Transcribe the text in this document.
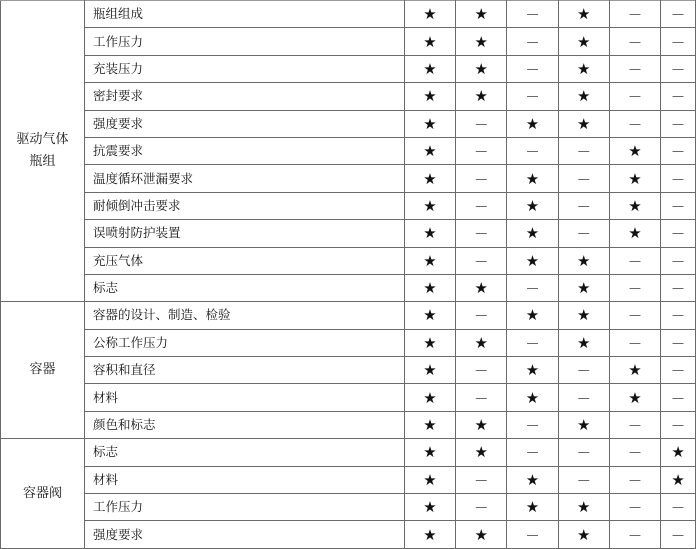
驱动气体
瓶组	瓶组组成	★	★	—	★	—	—
	工作压力	★	★	—	★	—	—
	充装压力	★	★	—	★	—	—
	密封要求	★	★	—	★	—	—
	强度要求	★	—	★	★	—	—
	抗震要求	★	—	—	—	★	—
	温度循环泄漏要求	★	—	★	—	★	—
	耐倾倒冲击要求	★	—	★	—	★	—
	误喷射防护装置	★	—	★	—	★	—
	充压气体	★	—	★	★	—	—
	标志	★	★	—	★	—	—

容器	容器的设计、制造、检验	★	—	★	★	—	—
	公称工作压力	★	★	—	★	—	—
	容积和直径	★	—	★	—	★	—
	材料	★	—	★	—	★	—
	颜色和标志	★	★	—	★	—	—

容器阀	标志	★	★	—	—	—	★
	材料	★	—	★	—	—	★
	工作压力	★	—	★	★	—	—
	强度要求	★	★	—	★	—	—
